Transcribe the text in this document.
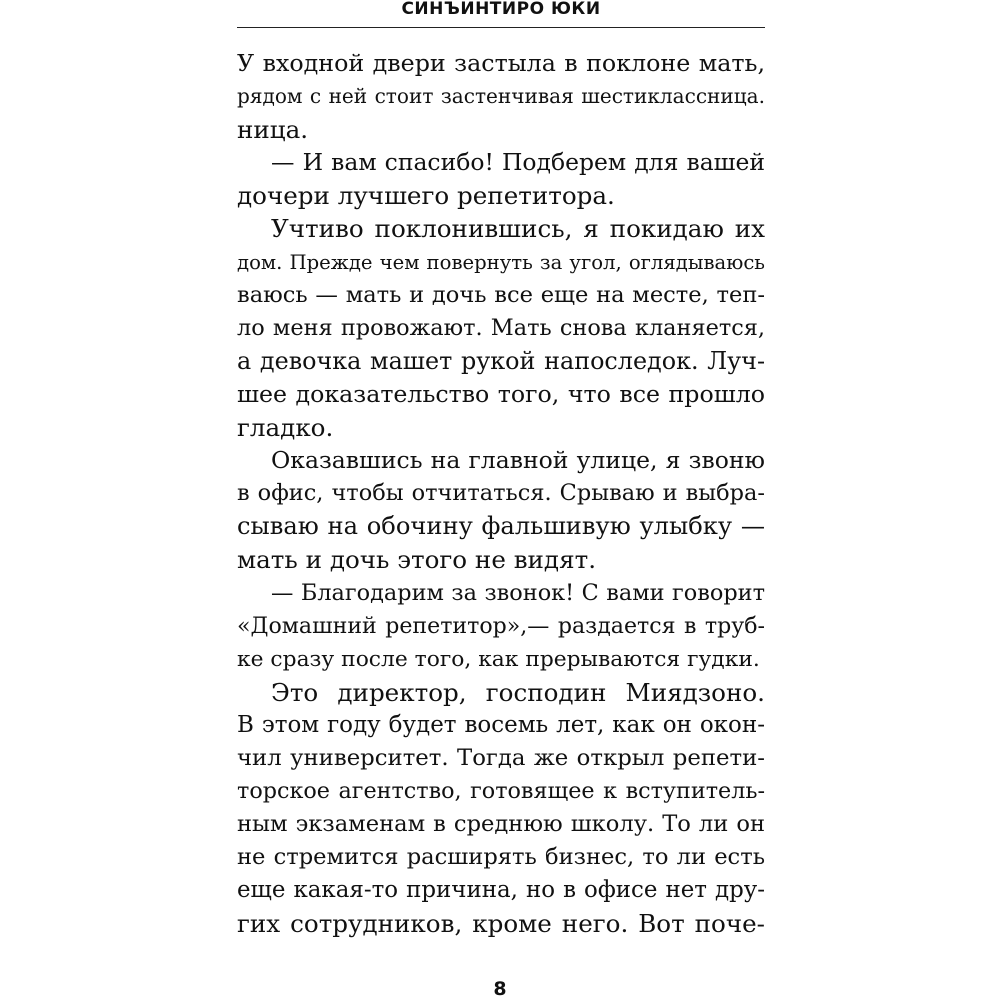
СИНЪИНТИРО ЮКИ
У входной двери застыла в поклоне мать,
рядом с ней стоит застенчивая шестиклассница.
ница.
— И вам спасибо! Подберем для вашей
дочери лучшего репетитора.
Учтиво поклонившись, я покидаю их
дом. Прежде чем повернуть за угол, оглядываюсь
ваюсь — мать и дочь все еще на месте, теп-
ло меня провожают. Мать снова кланяется,
а девочка машет рукой напоследок. Луч-
шее доказательство того, что все прошло
гладко.
Оказавшись на главной улице, я звоню
в офис, чтобы отчитаться. Срываю и выбра-
сываю на обочину фальшивую улыбку —
мать и дочь этого не видят.
— Благодарим за звонок! С вами говорит
«Домашний репетитор»,— раздается в труб-
ке сразу после того, как прерываются гудки.
Это директор, господин Миядзоно.
В этом году будет восемь лет, как он окон-
чил университет. Тогда же открыл репети-
торское агентство, готовящее к вступитель-
ным экзаменам в среднюю школу. То ли он
не стремится расширять бизнес, то ли есть
еще какая-то причина, но в офисе нет дру-
гих сотрудников, кроме него. Вот поче-
8
